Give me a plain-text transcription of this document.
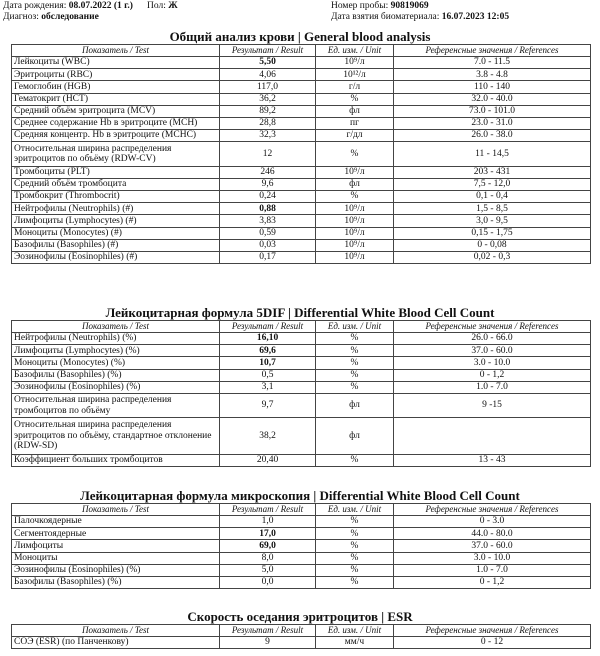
Дата рождения: 08.07.2022 (1 г.) Пол: Ж
Диагноз: обследование
Номер пробы: 90819069
Дата взятия биоматериала: 16.07.2023 12:05
Общий анализ крови | General blood analysis
Показатель / Test	Результат / Result	Ед. изм. / Unit	Референсные значения / References
Лейкоциты (WBC)	5,50	10⁹/л	7.0 - 11.5
Эритроциты (RBC)	4,06	10¹²/л	3.8 - 4.8
Гемоглобин (HGB)	117,0	г/л	110 - 140
Гематокрит (HCT)	36,2	%	32.0 - 40.0
Средний объём эритроцита (MCV)	89,2	фл	73.0 - 101.0
Среднее содержание Hb в эритроците (MCH)	28,8	пг	23.0 - 31.0
Средняя концентр. Hb в эритроците (MCHC)	32,3	г/дл	26.0 - 38.0
Относительная ширина распределения эритроцитов по объёму (RDW-CV)	12	%	11 - 14,5
Тромбоциты (PLT)	246	10⁹/л	203 - 431
Средний объём тромбоцита	9,6	фл	7,5 - 12,0
Тромбокрит (Thrombocrit)	0,24	%	0,1 - 0,4
Нейтрофилы (Neutrophils) (#)	0,88	10⁹/л	1,5 - 8,5
Лимфоциты (Lymphocytes) (#)	3,83	10⁹/л	3,0 - 9,5
Моноциты (Monocytes) (#)	0,59	10⁹/л	0,15 - 1,75
Базофилы (Basophiles) (#)	0,03	10⁹/л	0 - 0,08
Эозинофилы (Eosinophiles) (#)	0,17	10⁹/л	0,02 - 0,3
Лейкоцитарная формула 5DIF | Differential White Blood Cell Count
Показатель / Test	Результат / Result	Ед. изм. / Unit	Референсные значения / References
Нейтрофилы (Neutrophils) (%)	16,10	%	26.0 - 66.0
Лимфоциты (Lymphocytes) (%)	69,6	%	37.0 - 60.0
Моноциты (Monocytes) (%)	10,7	%	3.0 - 10.0
Базофилы (Basophiles) (%)	0,5	%	0 - 1,2
Эозинофилы (Eosinophiles) (%)	3,1	%	1.0 - 7.0
Относительная ширина распределения тромбоцитов по объёму	9,7	фл	9 -15
Относительная ширина распределения эритроцитов по объёму, стандартное отклонение (RDW-SD)	38,2	фл	
Коэффициент больших тромбоцитов	20,40	%	13 - 43
Лейкоцитарная формула микроскопия | Differential White Blood Cell Count
Показатель / Test	Результат / Result	Ед. изм. / Unit	Референсные значения / References
Палочкоядерные	1,0	%	0 - 3.0
Сегментоядерные	17,0	%	44.0 - 80.0
Лимфоциты	69,0	%	37.0 - 60.0
Моноциты	8,0	%	3.0 - 10.0
Эозинофилы (Eosinophiles) (%)	5,0	%	1.0 - 7.0
Базофилы (Basophiles) (%)	0,0	%	0 - 1,2
Скорость оседания эритроцитов | ESR
Показатель / Test	Результат / Result	Ед. изм. / Unit	Референсные значения / References
СОЭ (ESR) (по Панченкову)	9	мм/ч	0 - 12
